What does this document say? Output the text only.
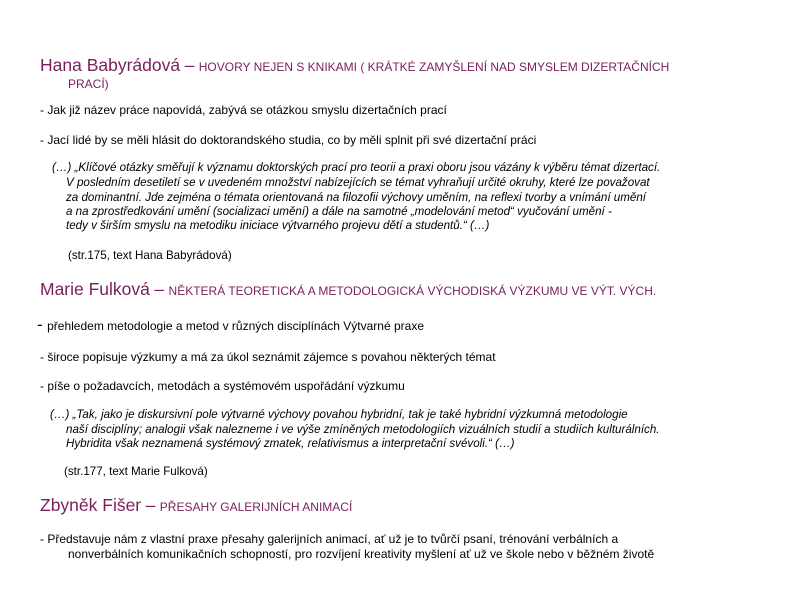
Hana Babyrádová – HOVORY NEJEN S KNIKAMI ( KRÁTKÉ ZAMYŠLENÍ NAD SMYSLEM DIZERTAČNÍCH
PRACÍ)
- Jak již název práce napovídá, zabývá se otázkou smyslu dizertačních prací
- Jací lidé by se měli hlásit do doktorandského studia, co by měli splnit při své dizertační práci
(…) „Klíčové otázky směřují k významu doktorských prací pro teorii a praxi oboru jsou vázány k výběru témat dizertací.
V posledním desetiletí se v uvedeném množství nabízejících se témat vyhraňují určité okruhy, které lze považovat
za dominantní. Jde zejména o témata orientovaná na filozofii výchovy uměním, na reflexi tvorby a vnímání umění
a na zprostředkování umění (socializaci umění) a dále na samotné „modelování metod“ vyučování umění -
tedy v širším smyslu na metodiku iniciace výtvarného projevu dětí a studentů.“ (…)
(str.175, text Hana Babyrádová)
Marie Fulková – NĚKTERÁ TEORETICKÁ A METODOLOGICKÁ VÝCHODISKÁ VÝZKUMU VE VÝT. VÝCH.
- přehledem metodologie a metod v různých disciplínách Výtvarné praxe
- široce popisuje výzkumy a má za úkol seznámit zájemce s povahou některých témat
- píše o požadavcích, metodách a systémovém uspořádání výzkumu
(…) „Tak, jako je diskursivní pole výtvarné výchovy povahou hybridní, tak je také hybridní výzkumná metodologie
naší disciplíny; analogii však nalezneme i ve výše zmíněných metodologiích vizuálních studií a studiích kulturálních.
Hybridita však neznamená systémový zmatek, relativismus a interpretační svévoli.“ (…)
(str.177, text Marie Fulková)
Zbyněk Fišer – PŘESAHY GALERIJNÍCH ANIMACÍ
- Představuje nám z vlastní praxe přesahy galerijních animací, ať už je to tvůrčí psaní, trénování verbálních a
nonverbálních komunikačních schopností, pro rozvíjení kreativity myšlení ať už ve škole nebo v běžném životě
